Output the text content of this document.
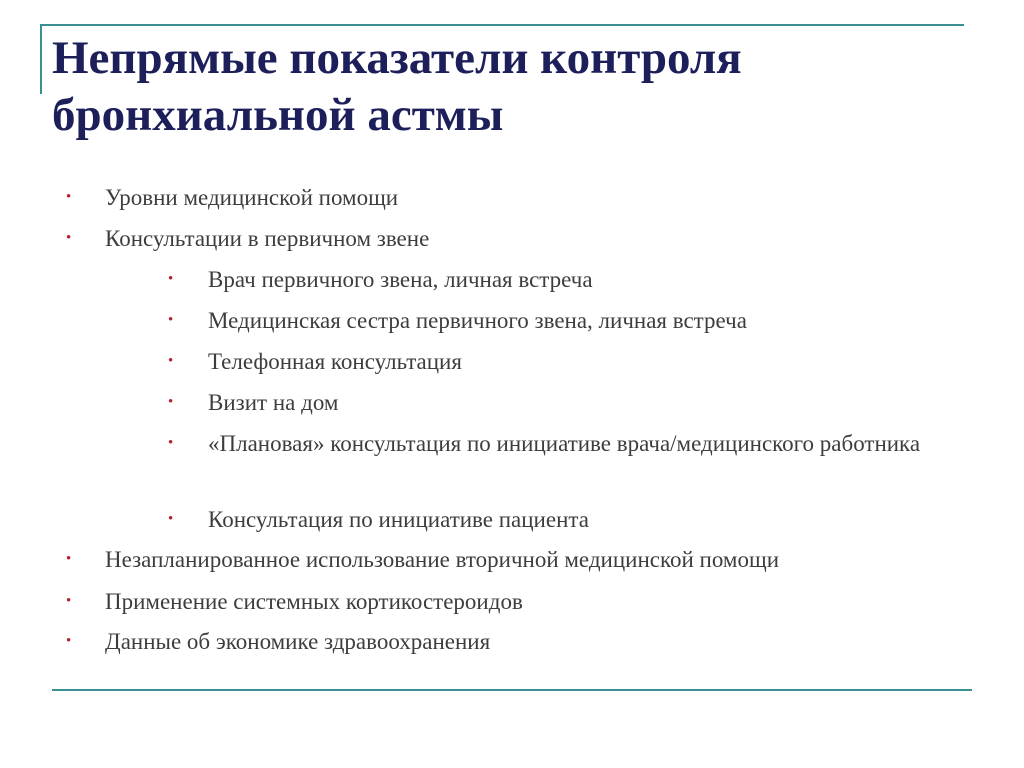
Непрямые показатели контроля
бронхиальной астмы
• Уровни медицинской помощи
• Консультации в первичном звене
• Врач первичного звена, личная встреча
• Медицинская сестра первичного звена, личная встреча
• Телефонная консультация
• Визит на дом
• «Плановая» консультация по инициативе врача/медицинского работника
• Консультация по инициативе пациента
• Незапланированное использование вторичной медицинской помощи
• Применение системных кортикостероидов
• Данные об экономике здравоохранения
